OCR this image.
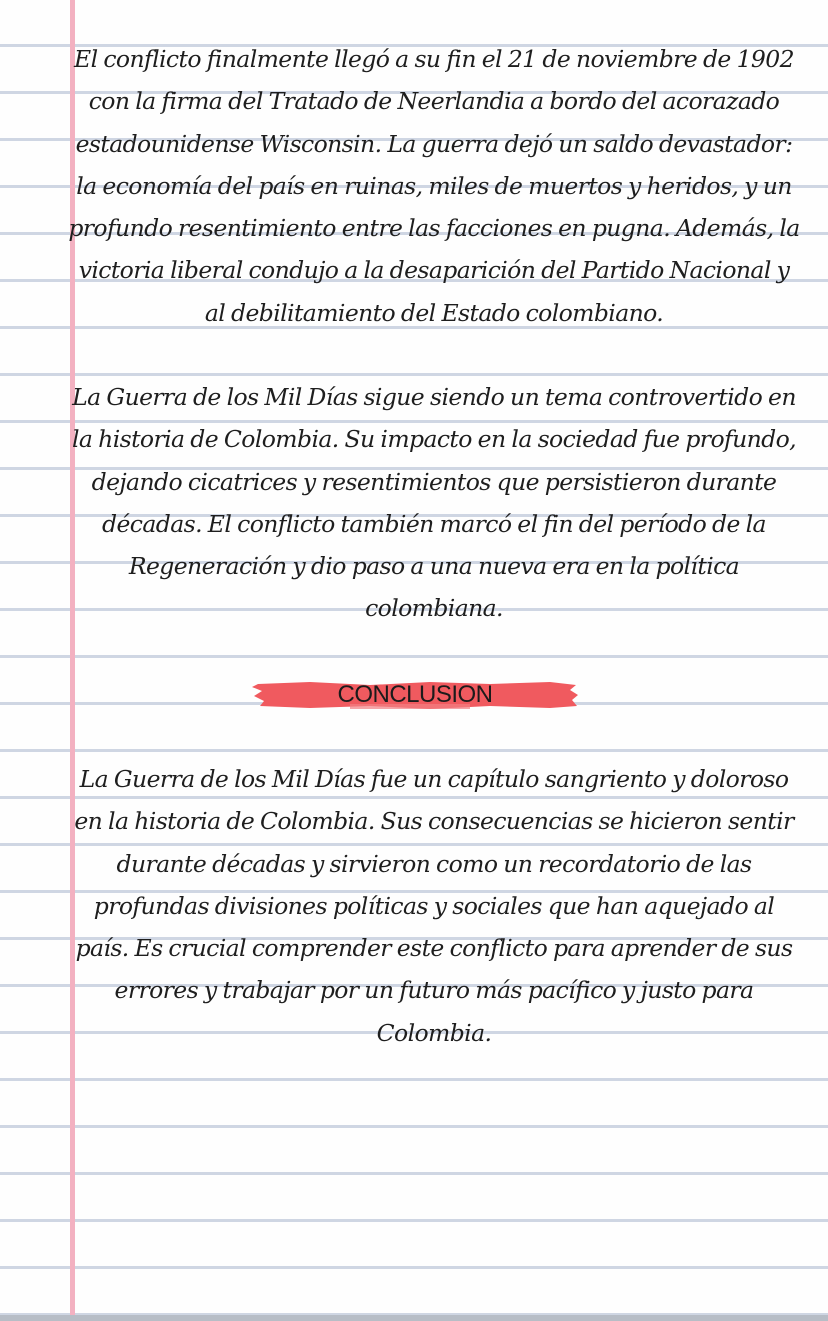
El conflicto finalmente llegó a su fin el 21 de noviembre de 1902 con la firma del Tratado de Neerlandia a bordo del acorazado estadounidense Wisconsin. La guerra dejó un saldo devastador: la economía del país en ruinas, miles de muertos y heridos, y un profundo resentimiento entre las facciones en pugna. Además, la victoria liberal condujo a la desaparición del Partido Nacional y al debilitamiento del Estado colombiano.

La Guerra de los Mil Días sigue siendo un tema controvertido en la historia de Colombia. Su impacto en la sociedad fue profundo, dejando cicatrices y resentimientos que persistieron durante décadas. El conflicto también marcó el fin del período de la Regeneración y dio paso a una nueva era en la política colombiana.

CONCLUSION

La Guerra de los Mil Días fue un capítulo sangriento y doloroso en la historia de Colombia. Sus consecuencias se hicieron sentir durante décadas y sirvieron como un recordatorio de las profundas divisiones políticas y sociales que han aquejado al país. Es crucial comprender este conflicto para aprender de sus errores y trabajar por un futuro más pacífico y justo para Colombia.
